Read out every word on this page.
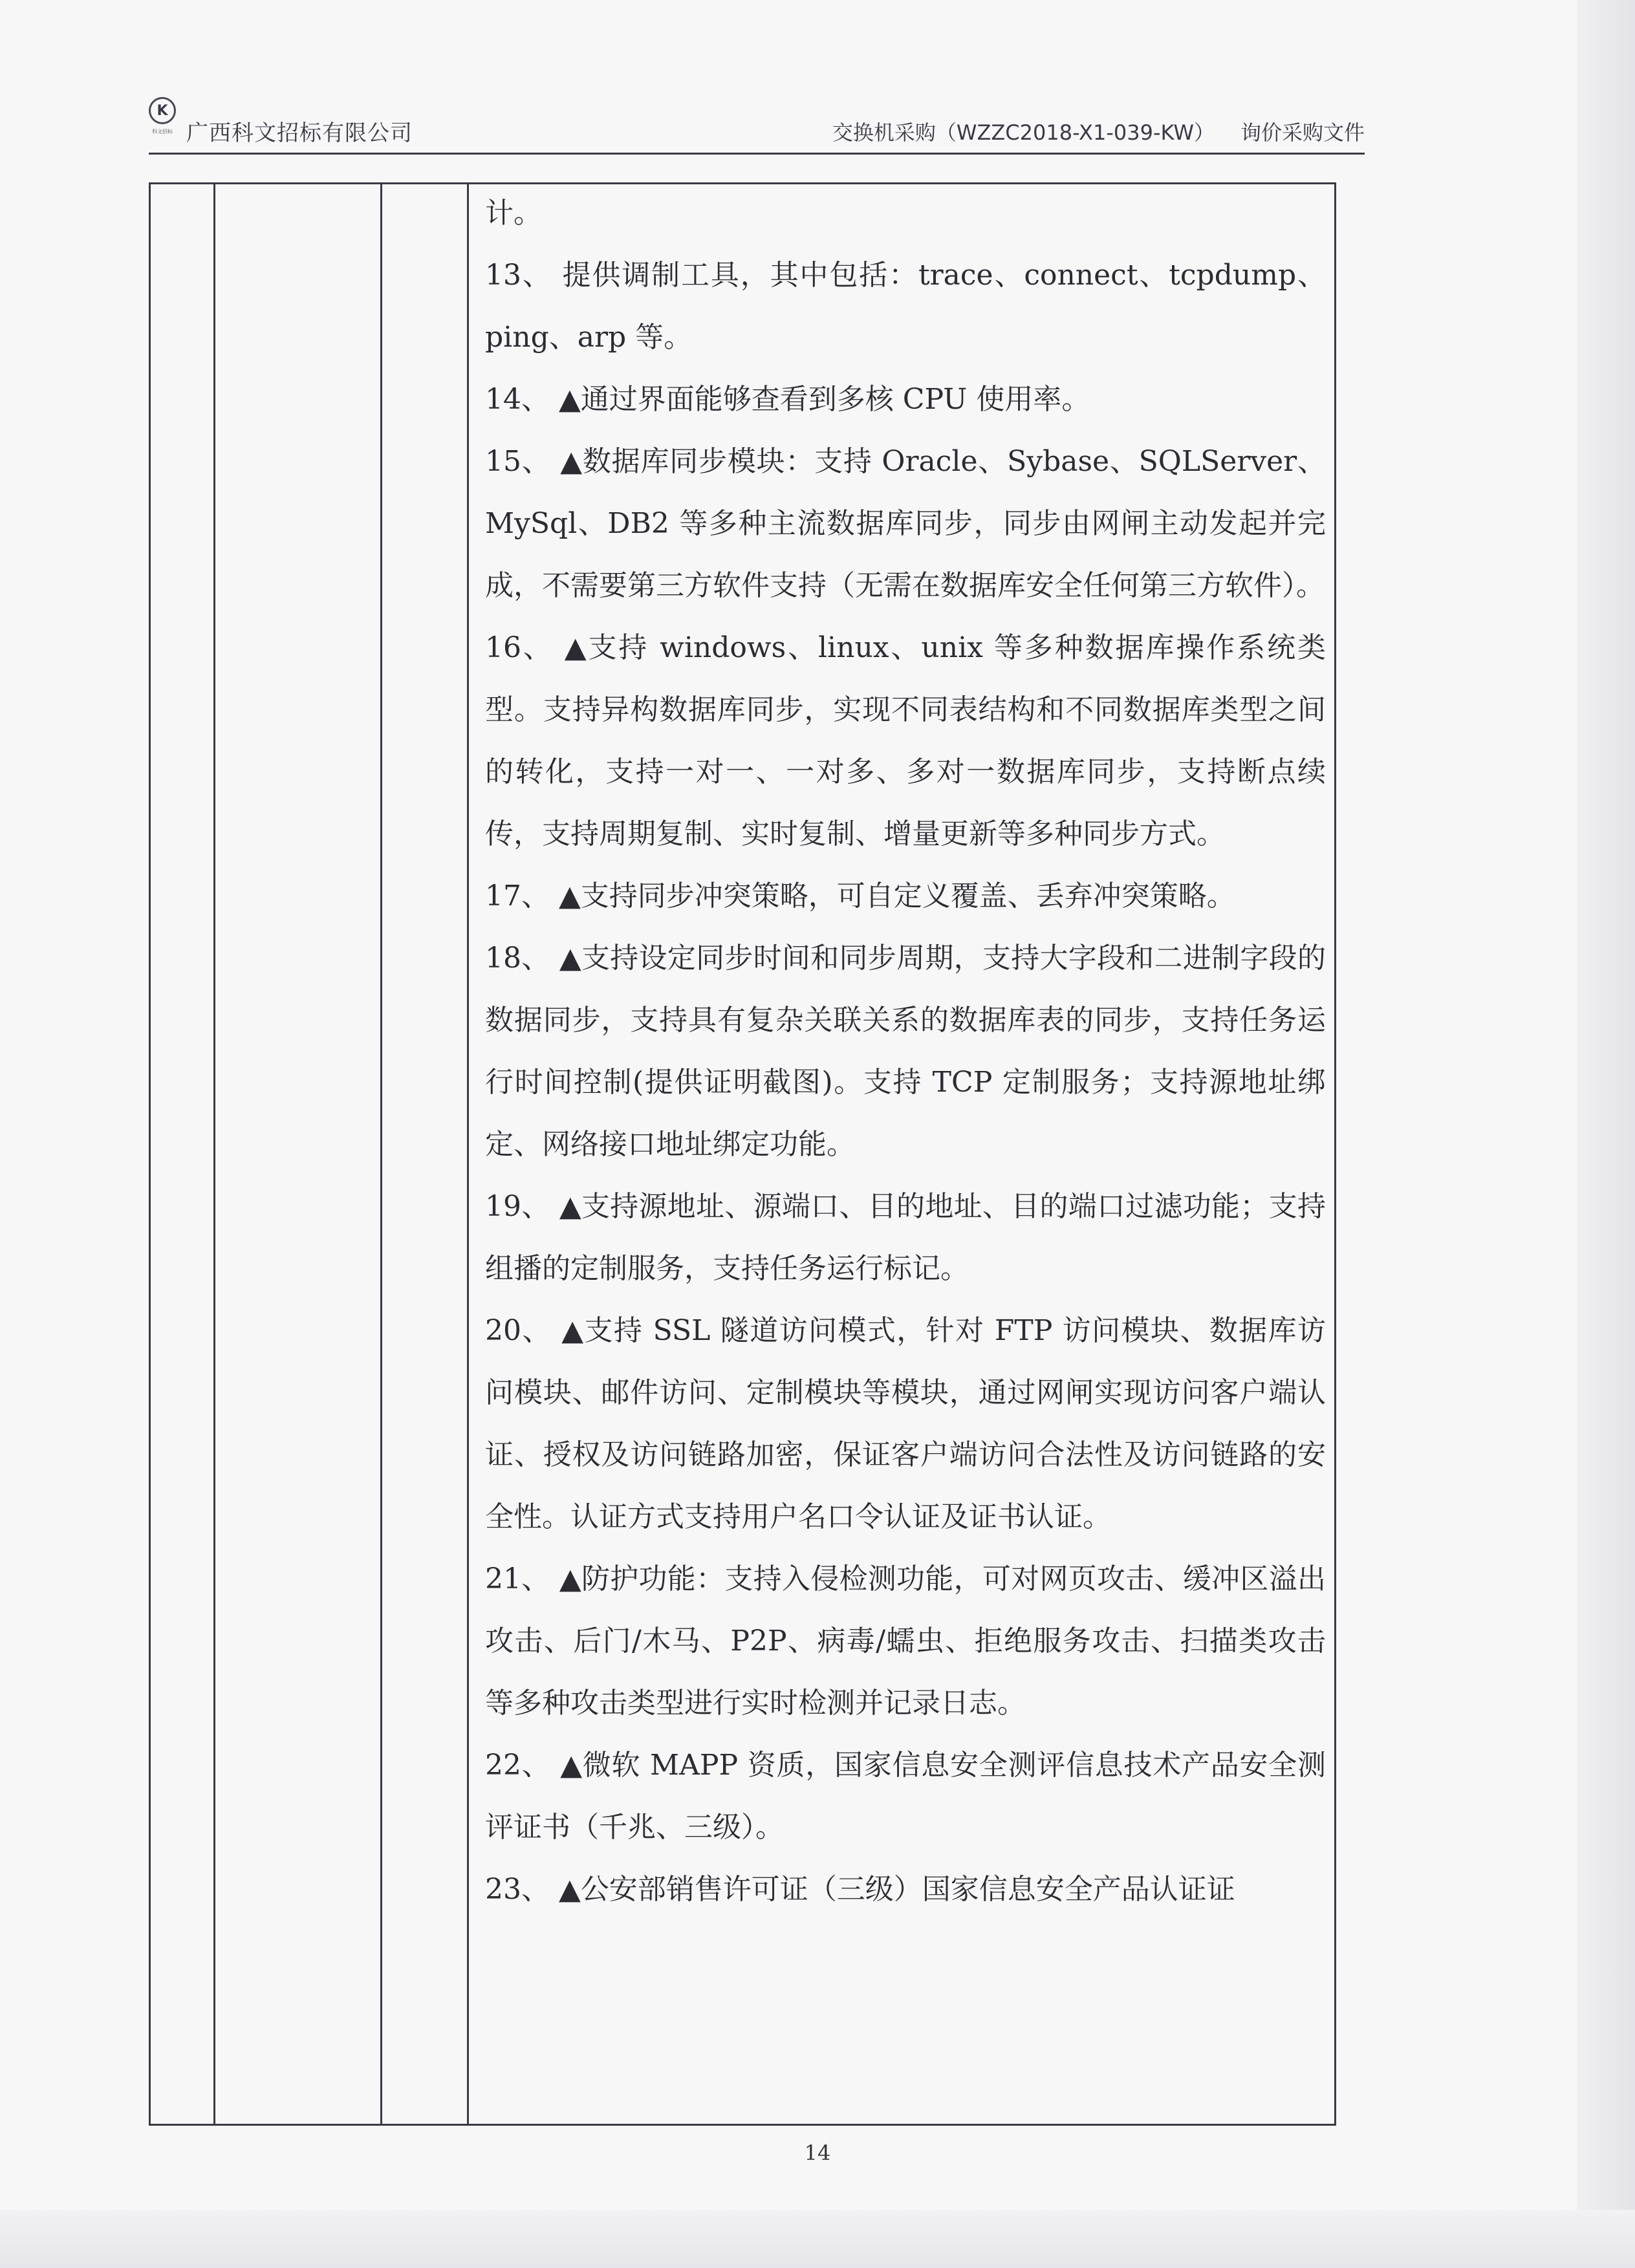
K
科文招标 广西科文招标有限公司	交换机采购（WZZC2018-X1-039-KW） 询价采购文件

计。

13、 提供调制工具，其中包括：trace、connect、tcpdump、ping、arp 等。

14、 ▲通过界面能够查看到多核 CPU 使用率。

15、 ▲数据库同步模块：支持 Oracle、Sybase、SQLServer、MySql、DB2 等多种主流数据库同步，同步由网闸主动发起并完成，不需要第三方软件支持（无需在数据库安全任何第三方软件）。

16、 ▲支持 windows、linux、unix 等多种数据库操作系统类型。支持异构数据库同步，实现不同表结构和不同数据库类型之间的转化，支持一对一、一对多、多对一数据库同步，支持断点续传，支持周期复制、实时复制、增量更新等多种同步方式。

17、 ▲支持同步冲突策略，可自定义覆盖、丢弃冲突策略。

18、 ▲支持设定同步时间和同步周期，支持大字段和二进制字段的数据同步，支持具有复杂关联关系的数据库表的同步，支持任务运行时间控制(提供证明截图)。支持 TCP 定制服务；支持源地址绑定、网络接口地址绑定功能。

19、 ▲支持源地址、源端口、目的地址、目的端口过滤功能；支持组播的定制服务，支持任务运行标记。

20、 ▲支持 SSL 隧道访问模式，针对 FTP 访问模块、数据库访问模块、邮件访问、定制模块等模块，通过网闸实现访问客户端认证、授权及访问链路加密，保证客户端访问合法性及访问链路的安全性。认证方式支持用户名口令认证及证书认证。

21、 ▲防护功能：支持入侵检测功能，可对网页攻击、缓冲区溢出攻击、后门/木马、P2P、病毒/蠕虫、拒绝服务攻击、扫描类攻击等多种攻击类型进行实时检测并记录日志。

22、 ▲微软 MAPP 资质，国家信息安全测评信息技术产品安全测评证书（千兆、三级）。

23、 ▲公安部销售许可证（三级）国家信息安全产品认证证

14
